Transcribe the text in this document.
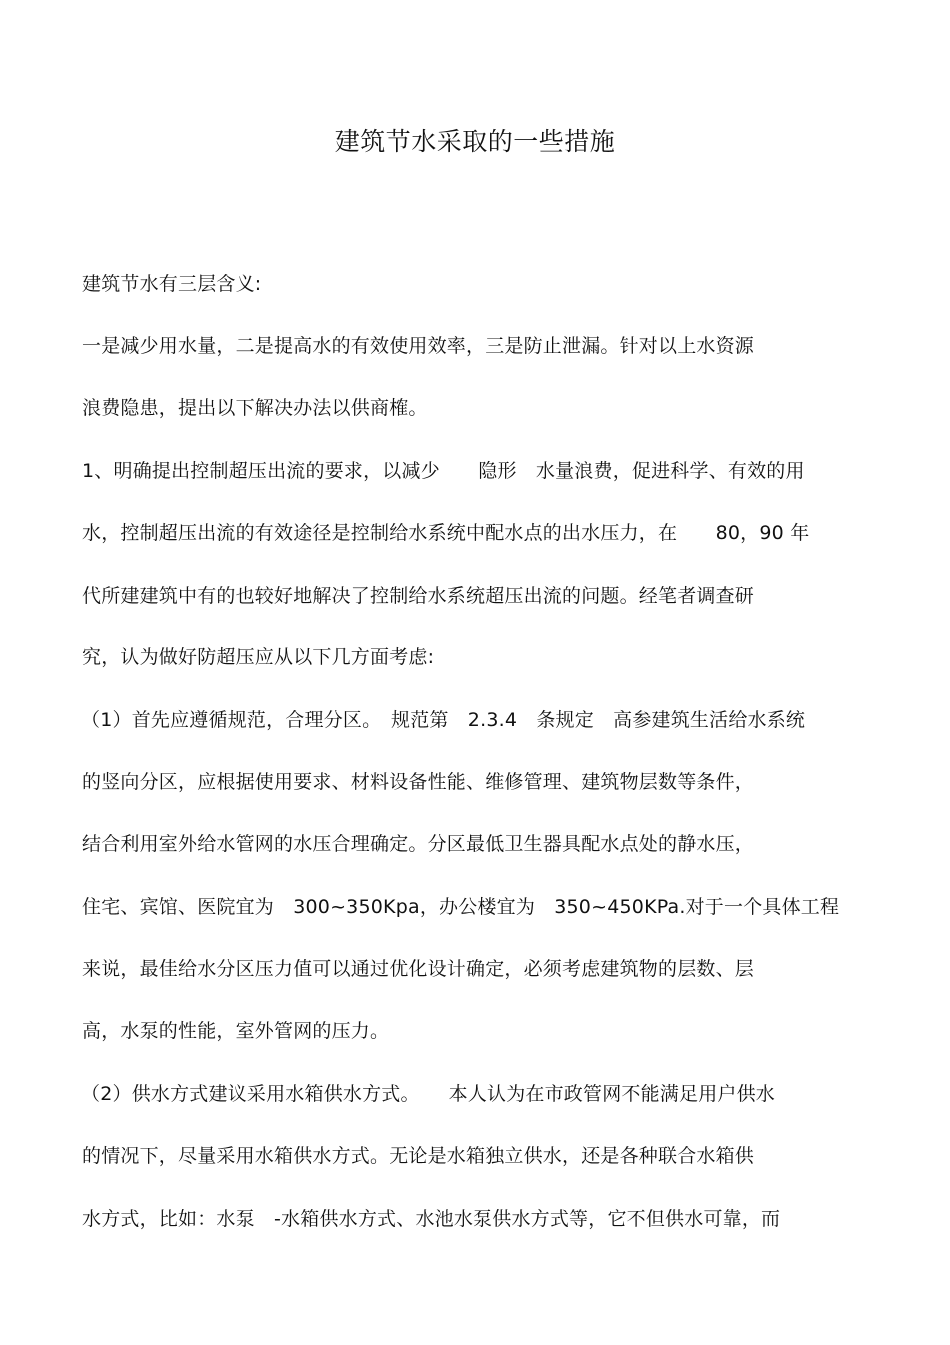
建筑节水采取的一些措施
建筑节水有三层含义:
一是减少用水量，二是提高水的有效使用效率，三是防止泄漏。针对以上水资源
浪费隐患，提出以下解决办法以供商榷。
1、明确提出控制超压出流的要求，以减少　　隐形　水量浪费，促进科学、有效的用
水，控制超压出流的有效途径是控制给水系统中配水点的出水压力，在　　80，90 年
代所建建筑中有的也较好地解决了控制给水系统超压出流的问题。经笔者调查研
究，认为做好防超压应从以下几方面考虑:
（1）首先应遵循规范，合理分区。　规范第　2.3.4　条规定　高参建筑生活给水系统
的竖向分区，应根据使用要求、材料设备性能、维修管理、建筑物层数等条件，
结合利用室外给水管网的水压合理确定。分区最低卫生器具配水点处的静水压，
住宅、宾馆、医院宜为　300~350Kpa，办公楼宜为　350~450KPa.对于一个具体工程
来说，最佳给水分区压力值可以通过优化设计确定，必须考虑建筑物的层数、层
高，水泵的性能，室外管网的压力。
（2）供水方式建议采用水箱供水方式。　　本人认为在市政管网不能满足用户供水
的情况下，尽量采用水箱供水方式。无论是水箱独立供水，还是各种联合水箱供
水方式，比如：水泵　-水箱供水方式、水池水泵供水方式等，它不但供水可靠，而
